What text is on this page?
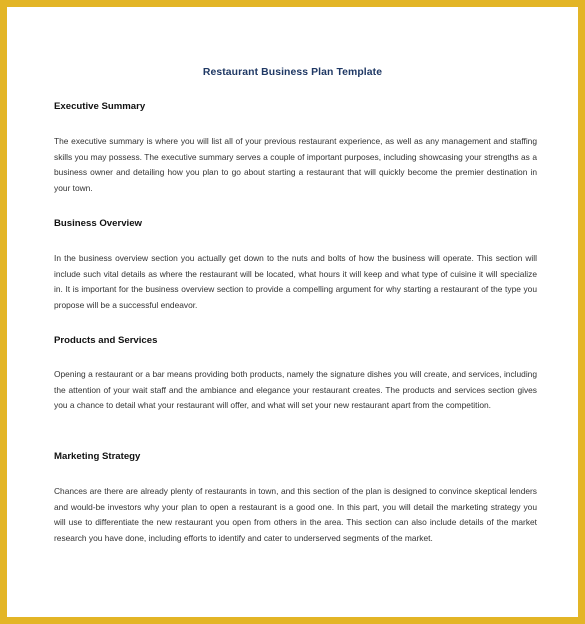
Restaurant Business Plan Template
Executive Summary

The executive summary is where you will list all of your previous restaurant experience, as well as any management and staffing skills you may possess. The executive summary serves a couple of important purposes, including showcasing your strengths as a business owner and detailing how you plan to go about starting a restaurant that will quickly become the premier destination in your town.

Business Overview

In the business overview section you actually get down to the nuts and bolts of how the business will operate. This section will include such vital details as where the restaurant will be located, what hours it will keep and what type of cuisine it will specialize in. It is important for the business overview section to provide a compelling argument for why starting a restaurant of the type you propose will be a successful endeavor.

Products and Services

Opening a restaurant or a bar means providing both products, namely the signature dishes you will create, and services, including the attention of your wait staff and the ambiance and elegance your restaurant creates. The products and services section gives you a chance to detail what your restaurant will offer, and what will set your new restaurant apart from the competition.

Marketing Strategy

Chances are there are already plenty of restaurants in town, and this section of the plan is designed to convince skeptical lenders and would-be investors why your plan to open a restaurant is a good one. In this part, you will detail the marketing strategy you will use to differentiate the new restaurant you open from others in the area. This section can also include details of the market research you have done, including efforts to identify and cater to underserved segments of the market.
